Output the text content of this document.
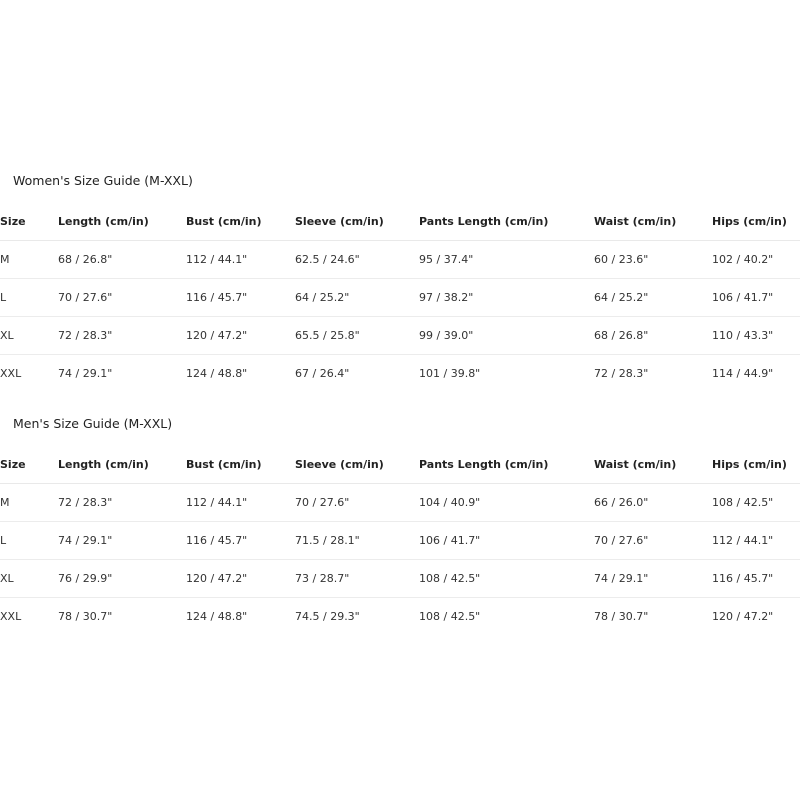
Women's Size Guide (M-XXL)
Size	Length (cm/in)	Bust (cm/in)	Sleeve (cm/in)	Pants Length (cm/in)	Waist (cm/in)	Hips (cm/in)
M	68 / 26.8"	112 / 44.1"	62.5 / 24.6"	95 / 37.4"	60 / 23.6"	102 / 40.2"
L	70 / 27.6"	116 / 45.7"	64 / 25.2"	97 / 38.2"	64 / 25.2"	106 / 41.7"
XL	72 / 28.3"	120 / 47.2"	65.5 / 25.8"	99 / 39.0"	68 / 26.8"	110 / 43.3"
XXL	74 / 29.1"	124 / 48.8"	67 / 26.4"	101 / 39.8"	72 / 28.3"	114 / 44.9"
Men's Size Guide (M-XXL)
Size	Length (cm/in)	Bust (cm/in)	Sleeve (cm/in)	Pants Length (cm/in)	Waist (cm/in)	Hips (cm/in)
M	72 / 28.3"	112 / 44.1"	70 / 27.6"	104 / 40.9"	66 / 26.0"	108 / 42.5"
L	74 / 29.1"	116 / 45.7"	71.5 / 28.1"	106 / 41.7"	70 / 27.6"	112 / 44.1"
XL	76 / 29.9"	120 / 47.2"	73 / 28.7"	108 / 42.5"	74 / 29.1"	116 / 45.7"
XXL	78 / 30.7"	124 / 48.8"	74.5 / 29.3"	108 / 42.5"	78 / 30.7"	120 / 47.2"
